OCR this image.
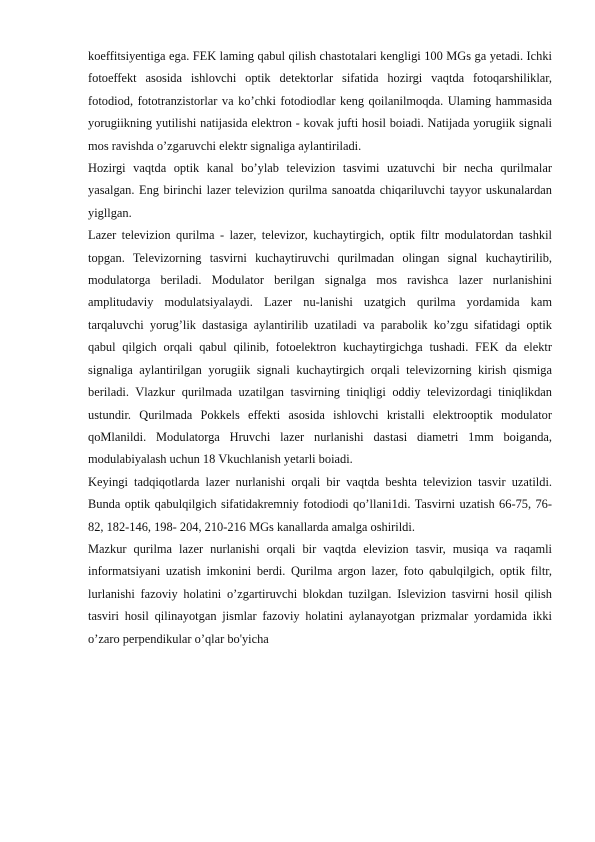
koeffitsiyentiga ega. FEK laming qabul qilish chastotalari kengligi 100 MGs ga yetadi. Ichki fotoeffekt asosida ishlovchi optik detektorlar sifatida hozirgi vaqtda fotoqarshiliklar, fotodiod, fototranzistorlar va ko’chki fotodiodlar keng qoilanilmoqda. Ulaming hammasida yorugiikning yutilishi natijasida elektron - kovak jufti hosil boiadi. Natijada yorugiik signali mos ravishda o’zgaruvchi elektr signaliga aylantiriladi.

Hozirgi vaqtda optik kanal bo’ylab televizion tasvimi uzatuvchi bir necha qurilmalar yasalgan. Eng birinchi lazer televizion qurilma sanoatda chiqariluvchi tayyor uskunalardan yigllgan.

Lazer televizion qurilma - lazer, televizor, kuchaytirgich, optik filtr modulatordan tashkil topgan. Televizorning tasvirni kuchaytiruvchi qurilmadan olingan signal kuchaytirilib, modulatorga beriladi. Modulator berilgan signalga mos ravishca lazer nurlanishini amplitudaviy modulatsiyalaydi. Lazer nu-lanishi uzatgich qurilma yordamida kam tarqaluvchi yorug’lik dastasiga aylantirilib uzatiladi va parabolik ko’zgu sifatidagi optik qabul qilgich orqali qabul qilinib, fotoelektron kuchaytirgichga tushadi. FEK da elektr signaliga aylantirilgan yorugiik signali kuchaytirgich orqali televizorning kirish qismiga beriladi. Vlazkur qurilmada uzatilgan tasvirning tiniqligi oddiy televizordagi tiniqlikdan ustundir. Qurilmada Pokkels effekti asosida ishlovchi kristalli elektrooptik modulator qoMlanildi. Modulatorga Hruvchi lazer nurlanishi dastasi diametri 1mm boiganda, modulabiyalash uchun 18 Vkuchlanish yetarli boiadi.

Keyingi tadqiqotlarda lazer nurlanishi orqali bir vaqtda beshta televizion tasvir uzatildi. Bunda optik qabulqilgich sifatidakremniy fotodiodi qo’llani1di. Tasvirni uzatish 66-75, 76-82, 182-146, 198- 204, 210-216 MGs kanallarda amalga oshirildi.

Mazkur qurilma lazer nurlanishi orqali bir vaqtda elevizion tasvir, musiqa va raqamli informatsiyani uzatish imkonini berdi. Qurilma argon lazer, foto qabulqilgich, optik filtr, lurlanishi fazoviy holatini o’zgartiruvchi blokdan tuzilgan. Islevizion tasvirni hosil qilish tasviri hosil qilinayotgan jismlar fazoviy holatini aylanayotgan prizmalar yordamida ikki o’zaro perpendikular o’qlar bo'yicha
